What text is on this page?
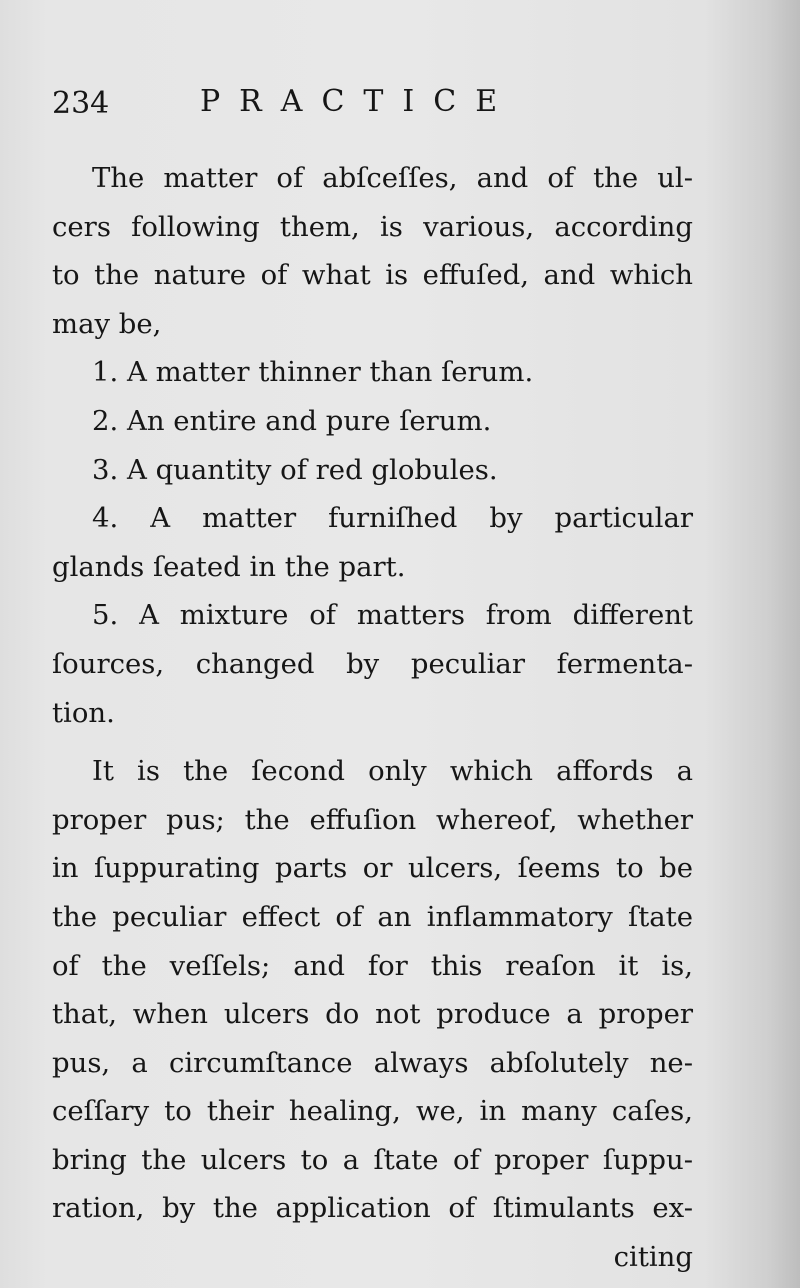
234	PRACTICE
The matter of abſceſſes, and of the ul-
cers following them, is various, according
to the nature of what is effuſed, and which
may be,
1. A matter thinner than ſerum.
2. An entire and pure ſerum.
3. A quantity of red globules.
4. A matter furniſhed by particular
glands ſeated in the part.
5. A mixture of matters from different
ſources, changed by peculiar fermenta-
tion.
It is the ſecond only which affords a
proper pus; the effuſion whereof, whether
in ſuppurating parts or ulcers, ſeems to be
the peculiar effect of an inflammatory ſtate
of the veſſels; and for this reaſon it is,
that, when ulcers do not produce a proper
pus, a circumſtance always abſolutely ne-
ceſſary to their healing, we, in many caſes,
bring the ulcers to a ſtate of proper ſuppu-
ration, by the application of ſtimulants ex-
citing
